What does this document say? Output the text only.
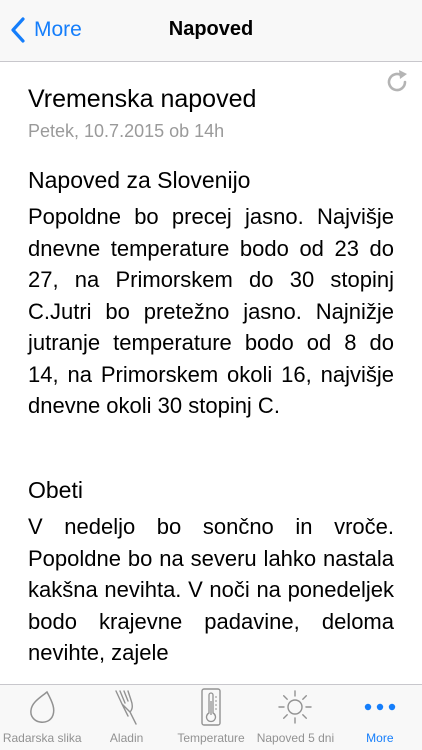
More	Napoved
Vremenska napoved
Petek, 10.7.2015 ob 14h
Napoved za Slovenijo
Popoldne bo precej jasno. Najvišje dnevne temperature bodo od 23 do 27, na Primorskem do 30 stopinj C.Jutri bo pretežno jasno. Najnižje jutranje temperature bodo od 8 do 14, na Primorskem okoli 16, najvišje dnevne okoli 30 stopinj C.
Obeti
V nedeljo bo sončno in vroče. Popoldne bo na severu lahko nastala kakšna nevihta. V noči na ponedeljek bodo krajevne padavine, deloma nevihte, zajele
Radarska slika Aladin	Temperature Napoved 5 dni	More
